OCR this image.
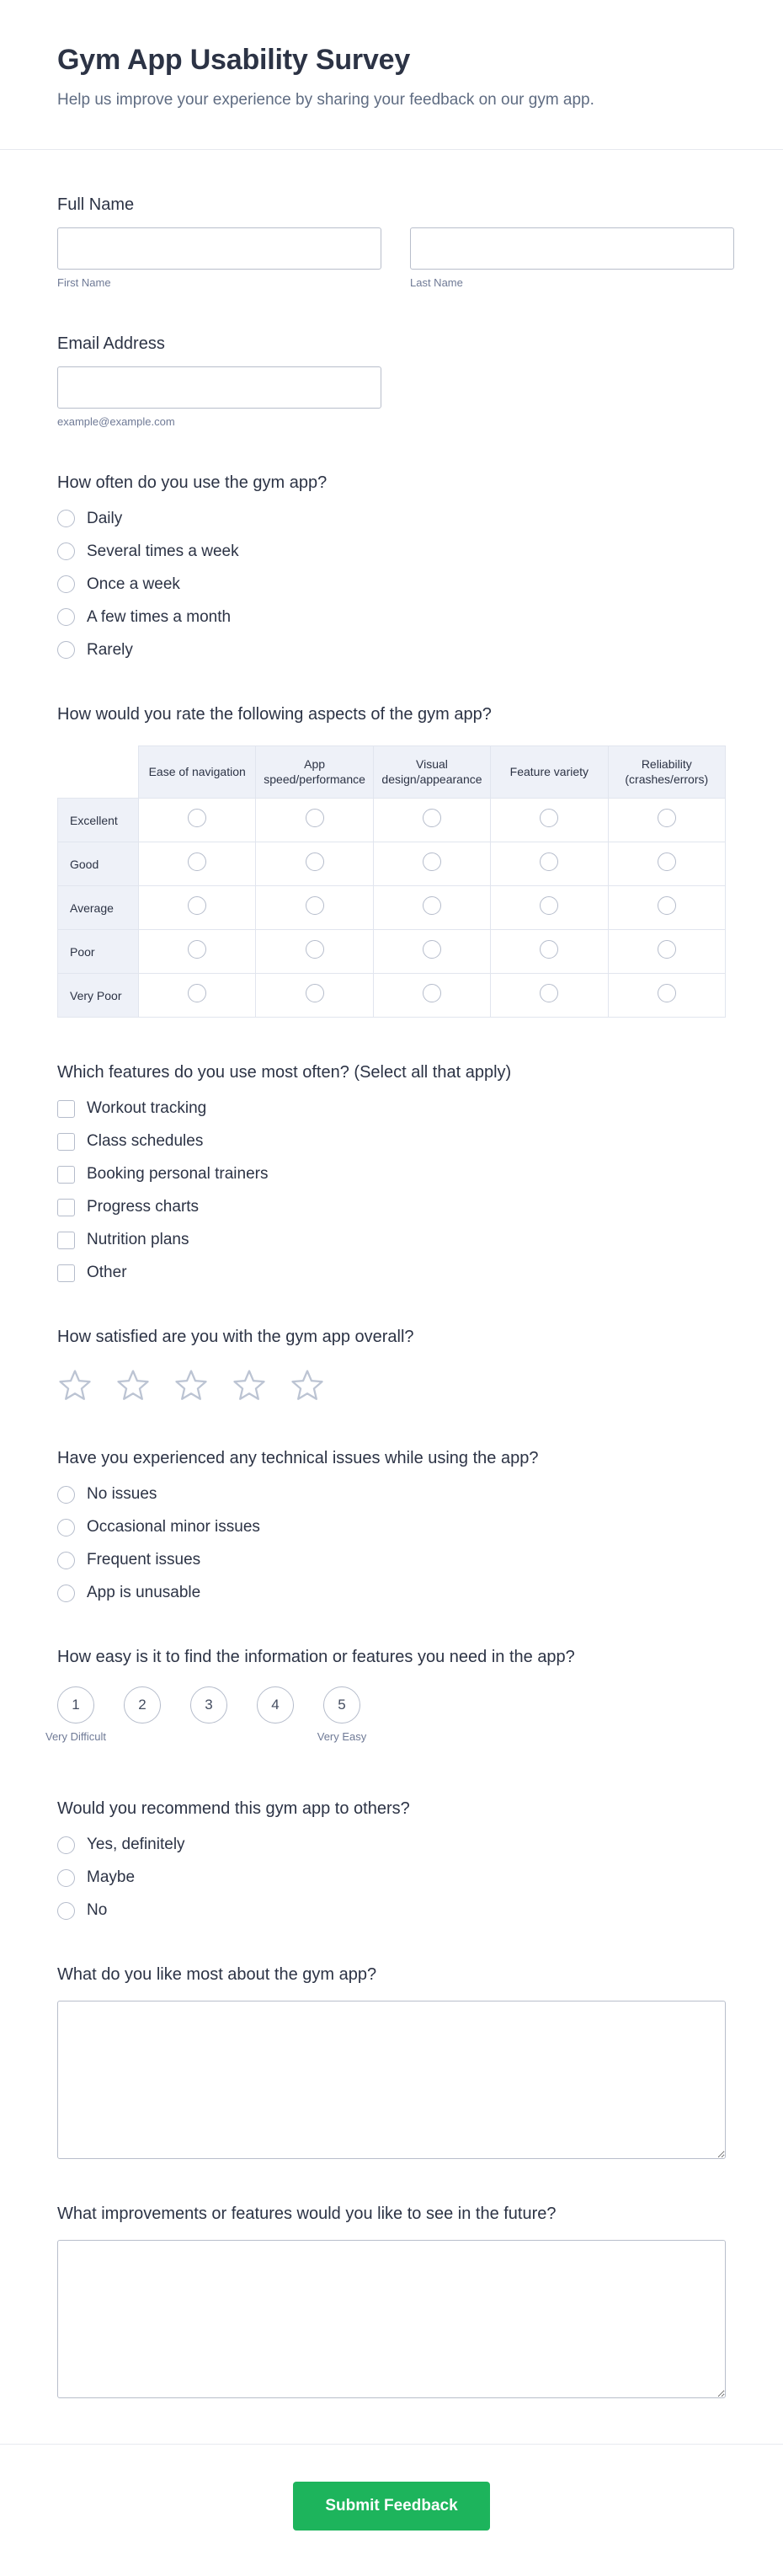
Gym App Usability Survey

Help us improve your experience by sharing your feedback on our gym app.

Full Name
First Name	Last Name
Email Address
example@example.com
How often do you use the gym app?
Daily
Several times a week
Once a week
A few times a month
Rarely
How would you rate the following aspects of the gym app?
	Ease of navigation	App speed/performance	Visual design/appearance	Feature variety	Reliability (crashes/errors)
Excellent					
Good					
Average					
Poor					
Very Poor					
Which features do you use most often? (Select all that apply)
Workout tracking
Class schedules
Booking personal trainers
Progress charts
Nutrition plans
Other
How satisfied are you with the gym app overall?
Have you experienced any technical issues while using the app?
No issues
Occasional minor issues
Frequent issues
App is unusable
How easy is it to find the information or features you need in the app?
1
Very Difficult
2	3	4	5
Very Easy
Would you recommend this gym app to others?
Yes, definitely
Maybe
No
What do you like most about the gym app?
What improvements or features would you like to see in the future?
Submit Feedback
